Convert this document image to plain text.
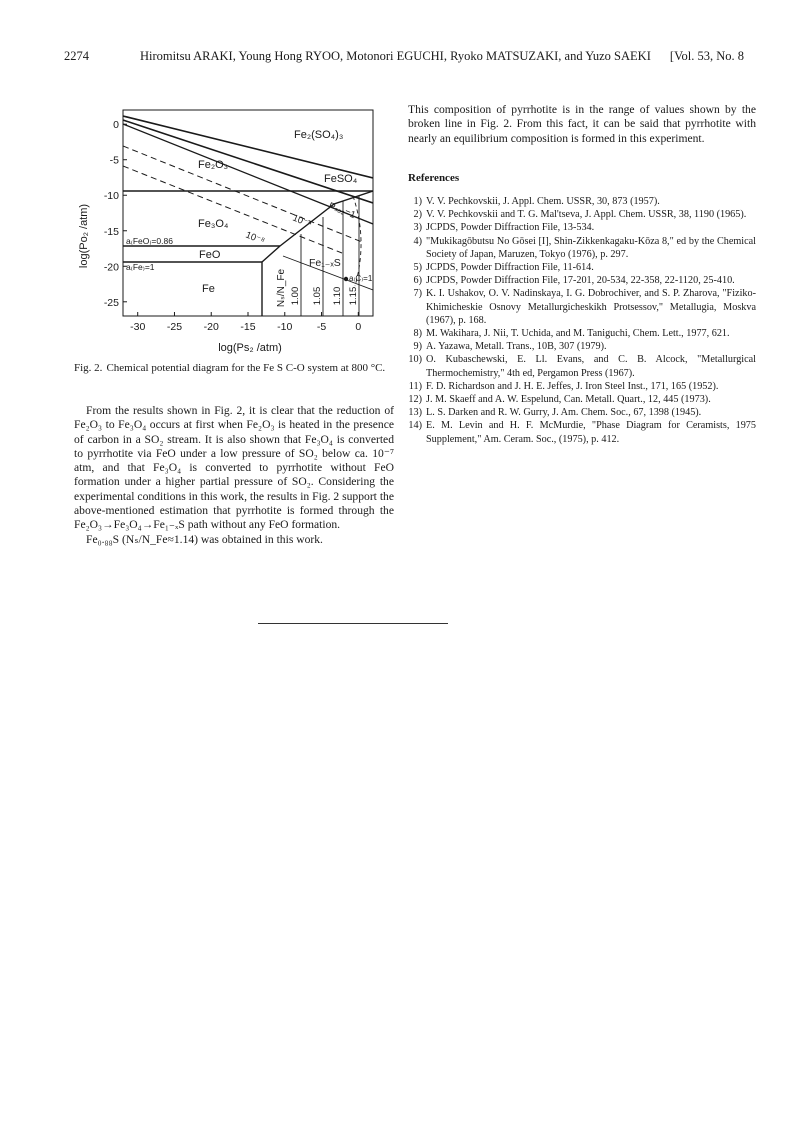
2274	Hiromitsu ARAKI, Young Hong RYOO, Motonori EGUCHI, Ryoko MATSUZAKI, and Yuzo SAEKI [Vol. 53, No. 8
-30 -25 -20 -15 -10 -5	0
0
-5
-10
-15
-20
-25
log(Po₂ /atm)
log(Ps₂ /atm)
Fe₂(SO₄)₃
FeSO₄
Fe₂O₃
Fe₃O₄
FeO
Fe
Fe₁₋ₓS
a₍FeO₎=0.86
a₍Fe₎=1
a₍C₎=1
Pₛₒ₂=1
10⁻⁴
10⁻⁸
Nₛ/N_Fe 1.00 1.05 1.10 1.15
Fig. 2. Chemical potential diagram for the Fe S C-O system at 800 °C.

From the results shown in Fig. 2, it is clear that the reduction of Fe₂O₃ to Fe₃O₄ occurs at first when Fe₂O₃ is heated in the presence of carbon in a SO₂ stream. It is also shown that Fe₃O₄ is converted to pyrrhotite via FeO under a low pressure of SO₂ below ca. 10⁻⁷ atm, and that Fe₃O₄ is converted to pyrrhotite without FeO formation under a higher partial pressure of SO₂. Considering the experimental conditions in this work, the results in Fig. 2 support the above-mentioned estimation that pyrrhotite is formed through the Fe₂O₃→Fe₃O₄→Fe₁₋ₓS path without any FeO formation.

Fe₀.₈₈S (Nₛ/N_Fe≈1.14) was obtained in this work.

This composition of pyrrhotite is in the range of values shown by the broken line in Fig. 2. From this fact, it can be said that pyrrhotite with nearly an equilibrium composition is formed in this experiment.

References
1) V. V. Pechkovskii, J. Appl. Chem. USSR, 30, 873 (1957).
2) V. V. Pechkovskii and T. G. Mal'tseva, J. Appl. Chem. USSR, 38, 1190 (1965).
3) JCPDS, Powder Diffraction File, 13-534.
4) "Mukikagōbutsu No Gōsei [I], Shin-Zikkenkagaku-Kōza 8," ed by the Chemical Society of Japan, Maruzen, Tokyo (1976), p. 297.
5) JCPDS, Powder Diffraction File, 11-614.
6) JCPDS, Powder Diffraction File, 17-201, 20-534, 22-358, 22-1120, 25-410.
7) K. I. Ushakov, O. V. Nadinskaya, I. G. Dobrochiver, and S. P. Zharova, "Fiziko-Khimicheskie Osnovy Metallurgicheskikh Protsessov," Metallugia, Moskva (1967), p. 168.
8) M. Wakihara, J. Nii, T. Uchida, and M. Taniguchi, Chem. Lett., 1977, 621.
9) A. Yazawa, Metall. Trans., 10B, 307 (1979).
10) O. Kubaschewski, E. Ll. Evans, and C. B. Alcock, "Metallurgical Thermochemistry," 4th ed, Pergamon Press (1967).
11) F. D. Richardson and J. H. E. Jeffes, J. Iron Steel Inst., 171, 165 (1952).
12) J. M. Skaeff and A. W. Espelund, Can. Metall. Quart., 12, 445 (1973).
13) L. S. Darken and R. W. Gurry, J. Am. Chem. Soc., 67, 1398 (1945).
14) E. M. Levin and H. F. McMurdie, "Phase Diagram for Ceramists, 1975 Supplement," Am. Ceram. Soc., (1975), p. 412.
